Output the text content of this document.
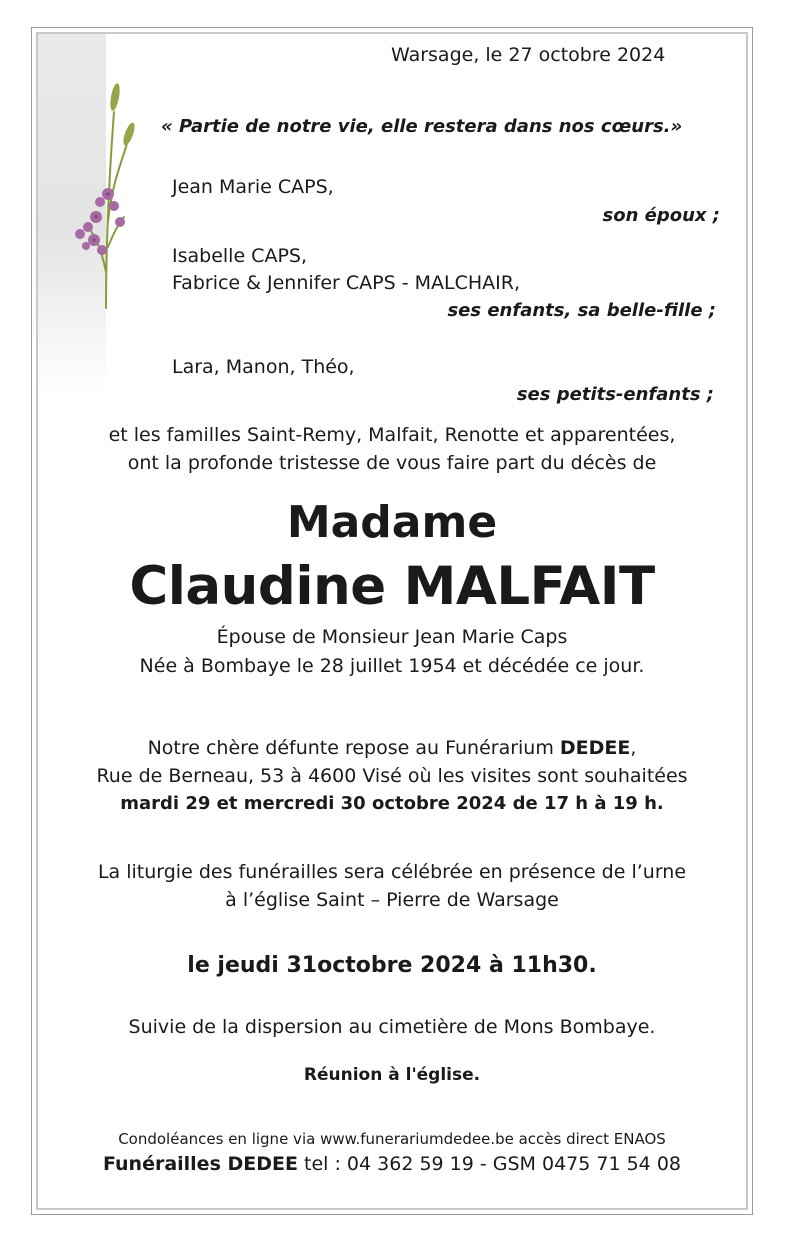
Warsage, le 27 octobre 2024
« Partie de notre vie, elle restera dans nos cœurs.»
Jean Marie CAPS,
son époux ;
Isabelle CAPS,
Fabrice & Jennifer CAPS - MALCHAIR,
ses enfants, sa belle-fille ;
Lara, Manon, Théo,
ses petits-enfants ;
et les familles Saint-Remy, Malfait, Renotte et apparentées,
ont la profonde tristesse de vous faire part du décès de
Madame
Claudine MALFAIT
Épouse de Monsieur Jean Marie Caps
Née à Bombaye le 28 juillet 1954 et décédée ce jour.
Notre chère défunte repose au Funérarium DEDEE,
Rue de Berneau, 53 à 4600 Visé où les visites sont souhaitées
mardi 29 et mercredi 30 octobre 2024 de 17 h à 19 h.
La liturgie des funérailles sera célébrée en présence de l’urne
à l’église Saint – Pierre de Warsage
le jeudi 31octobre 2024 à 11h30.
Suivie de la dispersion au cimetière de Mons Bombaye.
Réunion à l'église.
Condoléances en ligne via www.funerariumdedee.be accès direct ENAOS
Funérailles DEDEE tel : 04 362 59 19 - GSM 0475 71 54 08
